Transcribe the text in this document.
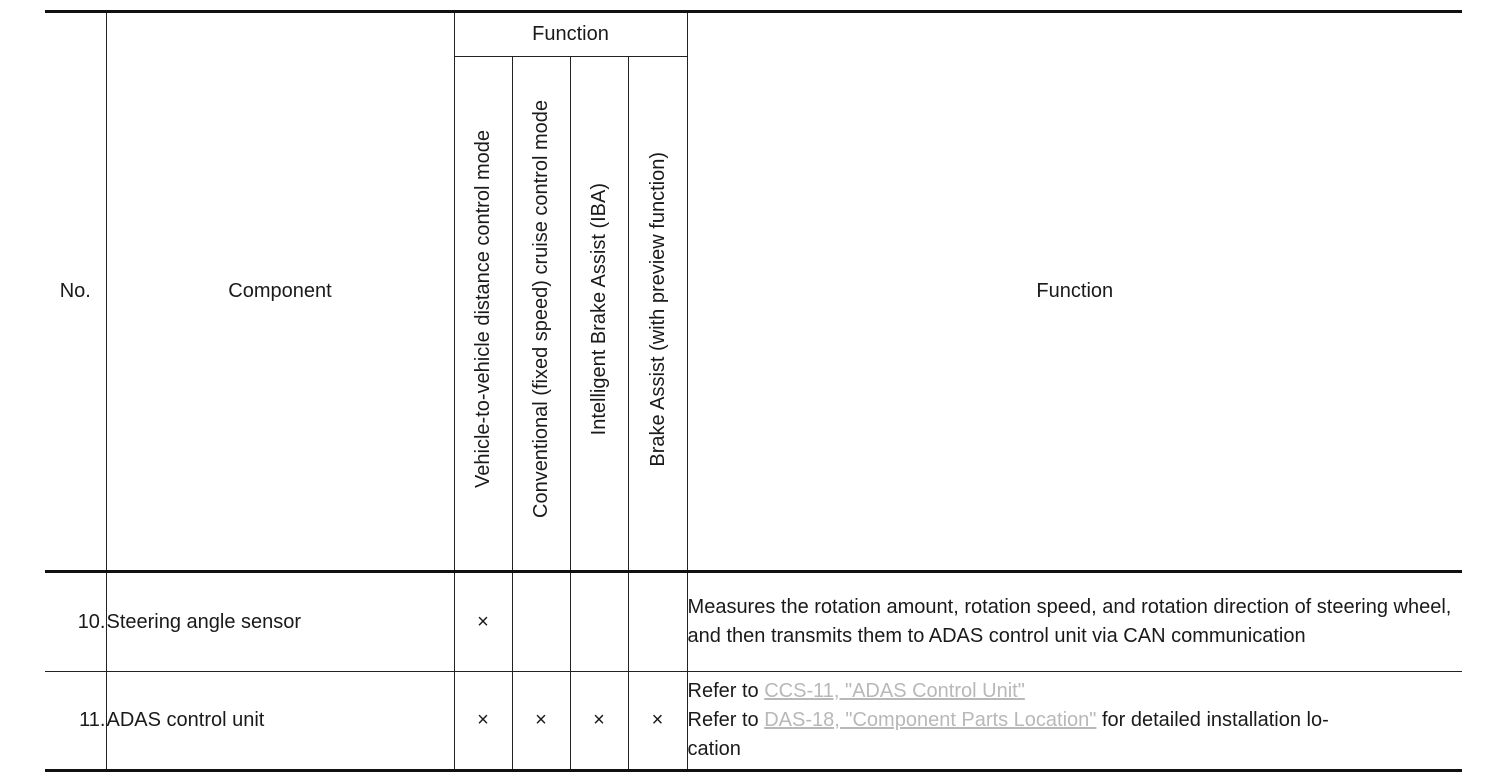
No.	Component	Function				Function
		Vehicle-to-vehicle distance control mode	Conventional (fixed speed) cruise control mode	Intelligent Brake Assist (IBA)	Brake Assist (with preview function)	
10.	Steering angle sensor	×				Measures the rotation amount, rotation speed, and rotation direction of steering wheel, and then transmits them to ADAS control unit via CAN communication
11.	ADAS control unit	×	×	×	×	Refer to CCS-11, "ADAS Control Unit"
Refer to DAS-18, "Component Parts Location" for detailed installation lo-
cation
